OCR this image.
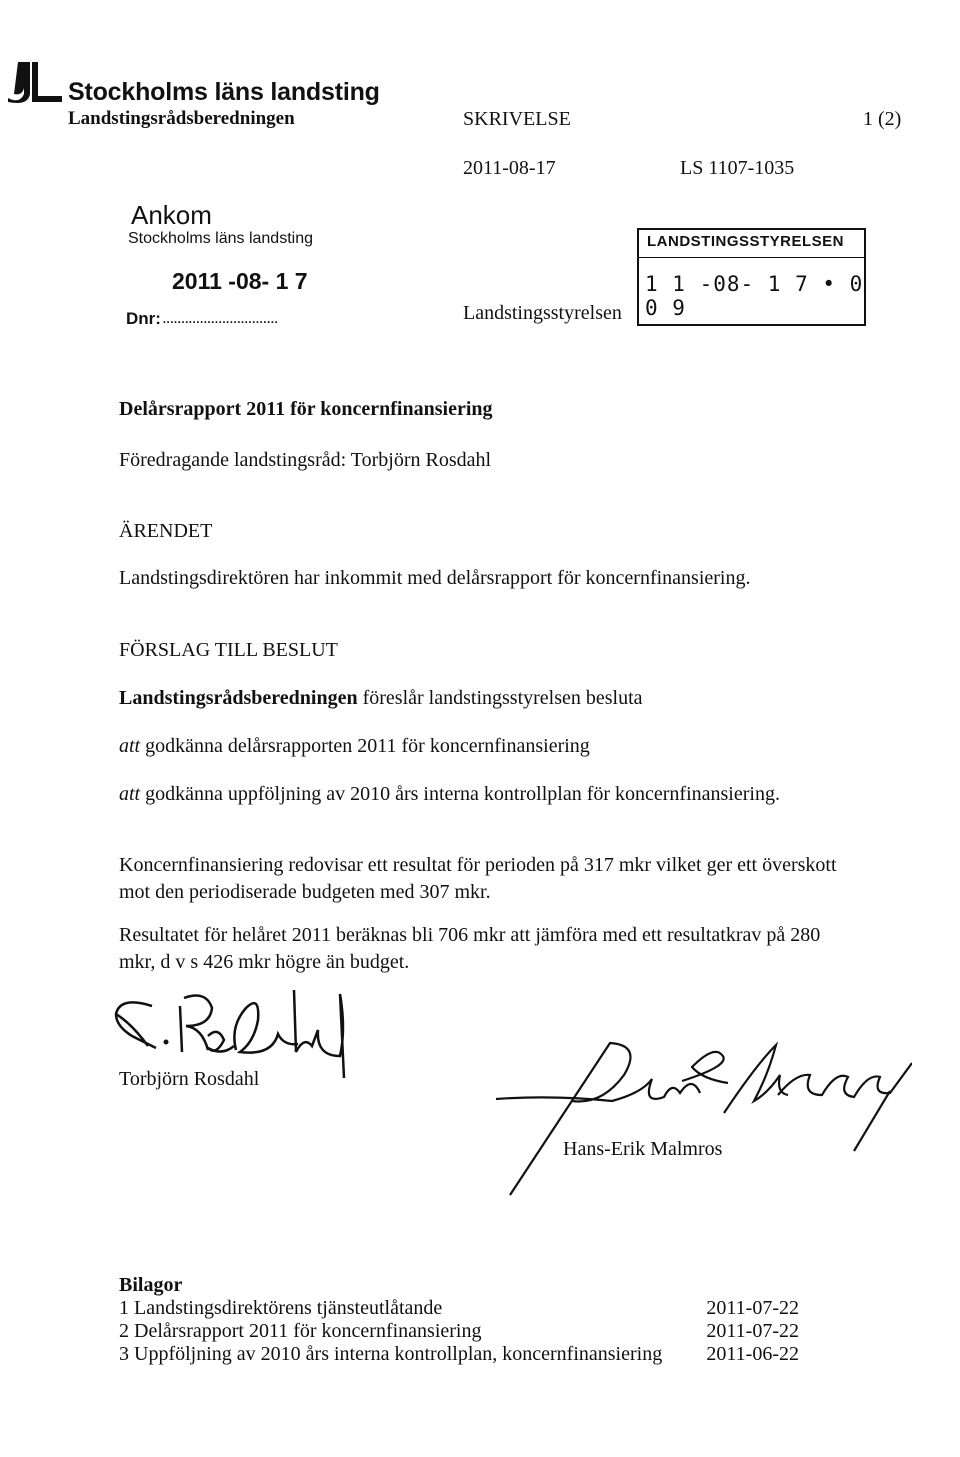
Stockholms läns landsting
Landstingsrådsberedningen	SKRIVELSE	1 (2)
2011-08-17	LS 1107-1035
Ankom
Stockholms läns landsting
2011 -08- 1 7
Dnr: ...............................	Landstingsstyrelsen
LANDSTINGSSTYRELSEN
1 1 -08- 1 7 • 0 0 9
Delårsrapport 2011 för koncernfinansiering
Föredragande landstingsråd: Torbjörn Rosdahl
ÄRENDET
Landstingsdirektören har inkommit med delårsrapport för koncernfinansiering.
FÖRSLAG TILL BESLUT
Landstingsrådsberedningen föreslår landstingsstyrelsen besluta
att godkänna delårsrapporten 2011 för koncernfinansiering
att godkänna uppföljning av 2010 års interna kontrollplan för koncernfinansiering.
Koncernfinansiering redovisar ett resultat för perioden på 317 mkr vilket ger ett överskott mot den periodiserade budgeten med 307 mkr.
Resultatet för helåret 2011 beräknas bli 706 mkr att jämföra med ett resultatkrav på 280 mkr, d v s 426 mkr högre än budget.
Torbjörn Rosdahl
Hans-Erik Malmros
Bilagor
1 Landstingsdirektörens tjänsteutlåtande	2011-07-22
2 Delårsrapport 2011 för koncernfinansiering	2011-07-22
3 Uppföljning av 2010 års interna kontrollplan, koncernfinansiering 2011-06-22
